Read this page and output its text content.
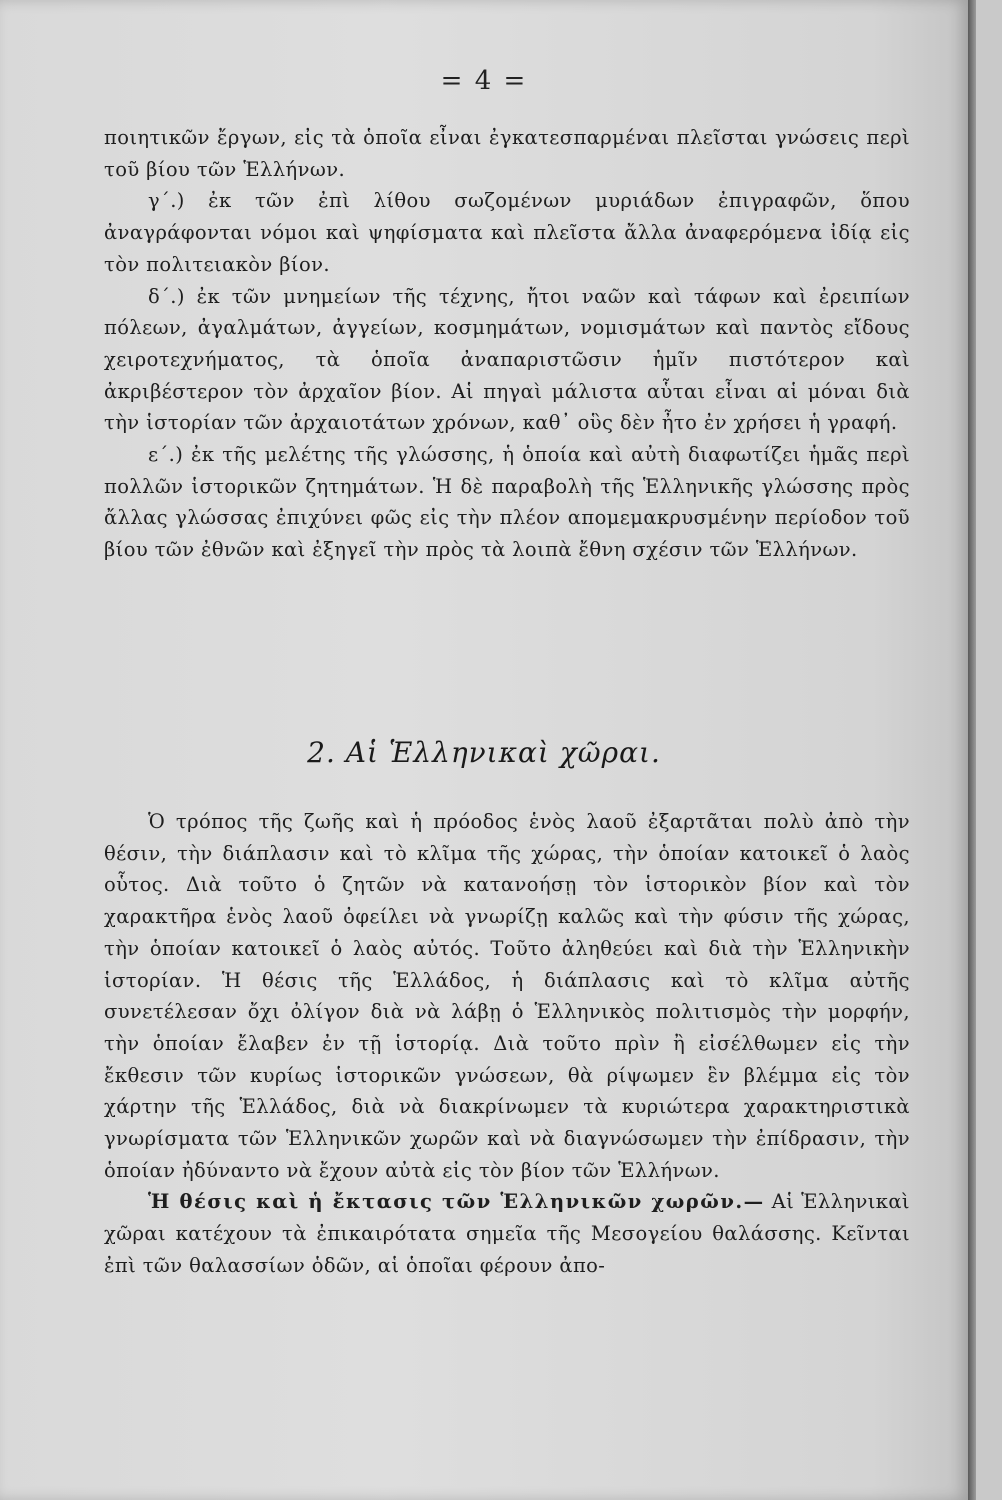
= 4 =

ποιητικῶν ἔργων, εἰς τὰ ὁποῖα εἶναι ἐγκατεσπαρμέναι πλεῖσται γνώσεις περὶ τοῦ βίου τῶν Ἑλλήνων.

γ΄.) ἐκ τῶν ἐπὶ λίθου σωζομένων μυριάδων ἐπιγραφῶν, ὅπου ἀναγράφονται νόμοι καὶ ψηφίσματα καὶ πλεῖστα ἄλλα ἀναφερόμενα ἰδίᾳ εἰς τὸν πολιτειακὸν βίον.

δ΄.) ἐκ τῶν μνημείων τῆς τέχνης, ἤτοι ναῶν καὶ τάφων καὶ ἐρειπίων πόλεων, ἀγαλμάτων, ἀγγείων, κοσμημάτων, νομισμάτων καὶ παντὸς εἴδους χειροτεχνήματος, τὰ ὁποῖα ἀναπαριστῶσιν ἡμῖν πιστότερον καὶ ἀκριβέστερον τὸν ἀρχαῖον βίον. Αἱ πηγαὶ μάλιστα αὗται εἶναι αἱ μόναι διὰ τὴν ἱστορίαν τῶν ἀρχαιοτάτων χρόνων, καθ᾽ οὓς δὲν ἦτο ἐν χρήσει ἡ γραφή.

ε΄.) ἐκ τῆς μελέτης τῆς γλώσσης, ἡ ὁποία καὶ αὐτὴ διαφωτίζει ἡμᾶς περὶ πολλῶν ἱστορικῶν ζητημάτων. Ἡ δὲ παραβολὴ τῆς Ἑλληνικῆς γλώσσης πρὸς ἄλλας γλώσσας ἐπιχύνει φῶς εἰς τὴν πλέον απομεμακρυσμένην περίοδον τοῦ βίου τῶν ἐθνῶν καὶ ἐξηγεῖ τὴν πρὸς τὰ λοιπὰ ἔθνη σχέσιν τῶν Ἑλλήνων.

2. Αἱ Ἑλληνικαὶ χῶραι.

Ὁ τρόπος τῆς ζωῆς καὶ ἡ πρόοδος ἑνὸς λαοῦ ἐξαρτᾶται πολὺ ἀπὸ τὴν θέσιν, τὴν διάπλασιν καὶ τὸ κλῖμα τῆς χώρας, τὴν ὁποίαν κατοικεῖ ὁ λαὸς οὗτος. Διὰ τοῦτο ὁ ζητῶν νὰ κατανοήσῃ τὸν ἱστορικὸν βίον καὶ τὸν χαρακτῆρα ἑνὸς λαοῦ ὀφείλει νὰ γνωρίζῃ καλῶς καὶ τὴν φύσιν τῆς χώρας, τὴν ὁποίαν κατοικεῖ ὁ λαὸς αὐτός. Τοῦτο ἀληθεύει καὶ διὰ τὴν Ἑλληνικὴν ἱστορίαν. Ἡ θέσις τῆς Ἑλλάδος, ἡ διάπλασις καὶ τὸ κλῖμα αὐτῆς συνετέλεσαν ὄχι ὀλίγον διὰ νὰ λάβῃ ὁ Ἑλληνικὸς πολιτισμὸς τὴν μορφήν, τὴν ὁποίαν ἔλαβεν ἐν τῇ ἱστορίᾳ. Διὰ τοῦτο πρὶν ἢ εἰσέλθωμεν εἰς τὴν ἔκθεσιν τῶν κυρίως ἱστορικῶν γνώσεων, θὰ ρίψωμεν ἓν βλέμμα εἰς τὸν χάρτην τῆς Ἑλλάδος, διὰ νὰ διακρίνωμεν τὰ κυριώτερα χαρακτηριστικὰ γνωρίσματα τῶν Ἑλληνικῶν χωρῶν καὶ νὰ διαγνώσωμεν τὴν ἐπίδρασιν, τὴν ὁποίαν ἠδύναντο νὰ ἔχουν αὐτὰ εἰς τὸν βίον τῶν Ἑλλήνων.

Ἡ θέσις καὶ ἡ ἔκτασις τῶν Ἑλληνικῶν χωρῶν.— Αἱ Ἑλληνικαὶ χῶραι κατέχουν τὰ ἐπικαιρότατα σημεῖα τῆς Μεσογείου θαλάσσης. Κεῖνται ἐπὶ τῶν θαλασσίων ὁδῶν, αἱ ὁποῖαι φέρουν ἀπο-
